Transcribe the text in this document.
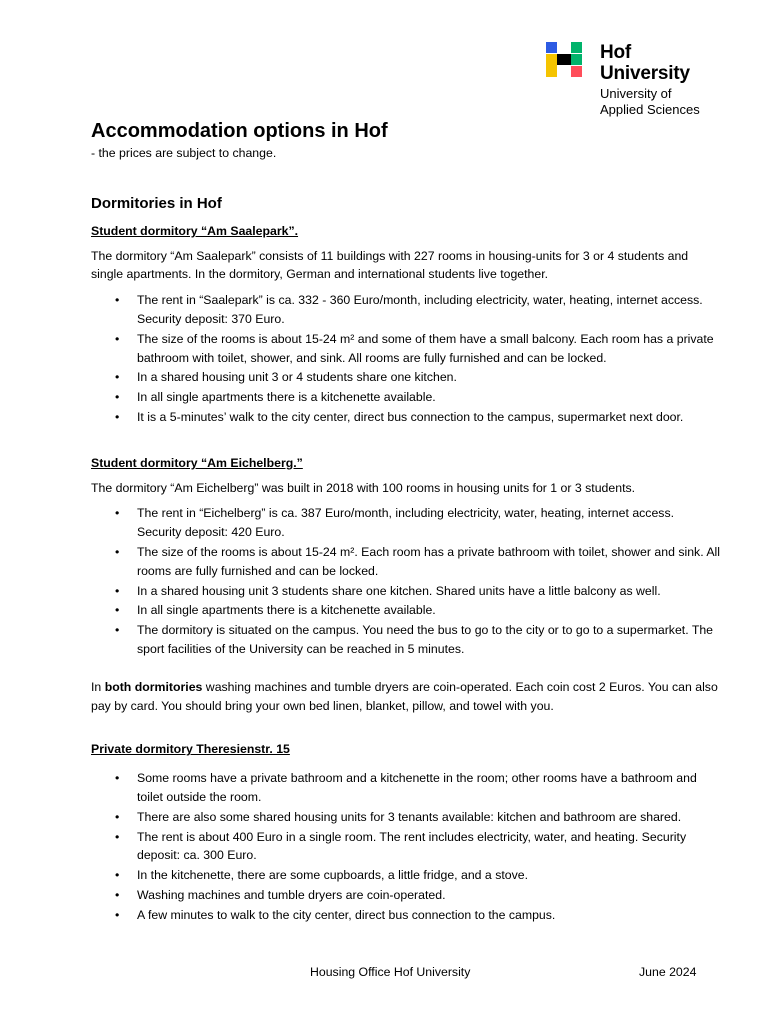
Hof
University
University of
Applied Sciences
Accommodation options in Hof
- the prices are subject to change.
Dormitories in Hof
Student dormitory “Am Saalepark”.

The dormitory “Am Saalepark” consists of 11 buildings with 227 rooms in housing-units for 3 or 4 students and single apartments. In the dormitory, German and international students live together.

• The rent in “Saalepark” is ca. 332 - 360 Euro/month, including electricity, water, heating, internet access. Security deposit: 370 Euro.
• The size of the rooms is about 15-24 m² and some of them have a small balcony. Each room has a private bathroom with toilet, shower, and sink. All rooms are fully furnished and can be locked.
• In a shared housing unit 3 or 4 students share one kitchen.
• In all single apartments there is a kitchenette available.
• It is a 5-minutes’ walk to the city center, direct bus connection to the campus, supermarket next door.
Student dormitory “Am Eichelberg.”

The dormitory “Am Eichelberg” was built in 2018 with 100 rooms in housing units for 1 or 3 students.

• The rent in “Eichelberg” is ca. 387 Euro/month, including electricity, water, heating, internet access. Security deposit: 420 Euro.
• The size of the rooms is about 15-24 m². Each room has a private bathroom with toilet, shower and sink. All rooms are fully furnished and can be locked.
• In a shared housing unit 3 students share one kitchen. Shared units have a little balcony as well.
• In all single apartments there is a kitchenette available.
• The dormitory is situated on the campus. You need the bus to go to the city or to go to a supermarket. The sport facilities of the University can be reached in 5 minutes.

In both dormitories washing machines and tumble dryers are coin-operated. Each coin cost 2 Euros. You can also pay by card. You should bring your own bed linen, blanket, pillow, and towel with you.

Private dormitory Theresienstr. 15
• Some rooms have a private bathroom and a kitchenette in the room; other rooms have a bathroom and toilet outside the room.
• There are also some shared housing units for 3 tenants available: kitchen and bathroom are shared.
• The rent is about 400 Euro in a single room. The rent includes electricity, water, and heating. Security deposit: ca. 300 Euro.
• In the kitchenette, there are some cupboards, a little fridge, and a stove.
• Washing machines and tumble dryers are coin-operated.
• A few minutes to walk to the city center, direct bus connection to the campus.
Housing Office Hof University	June 2024
